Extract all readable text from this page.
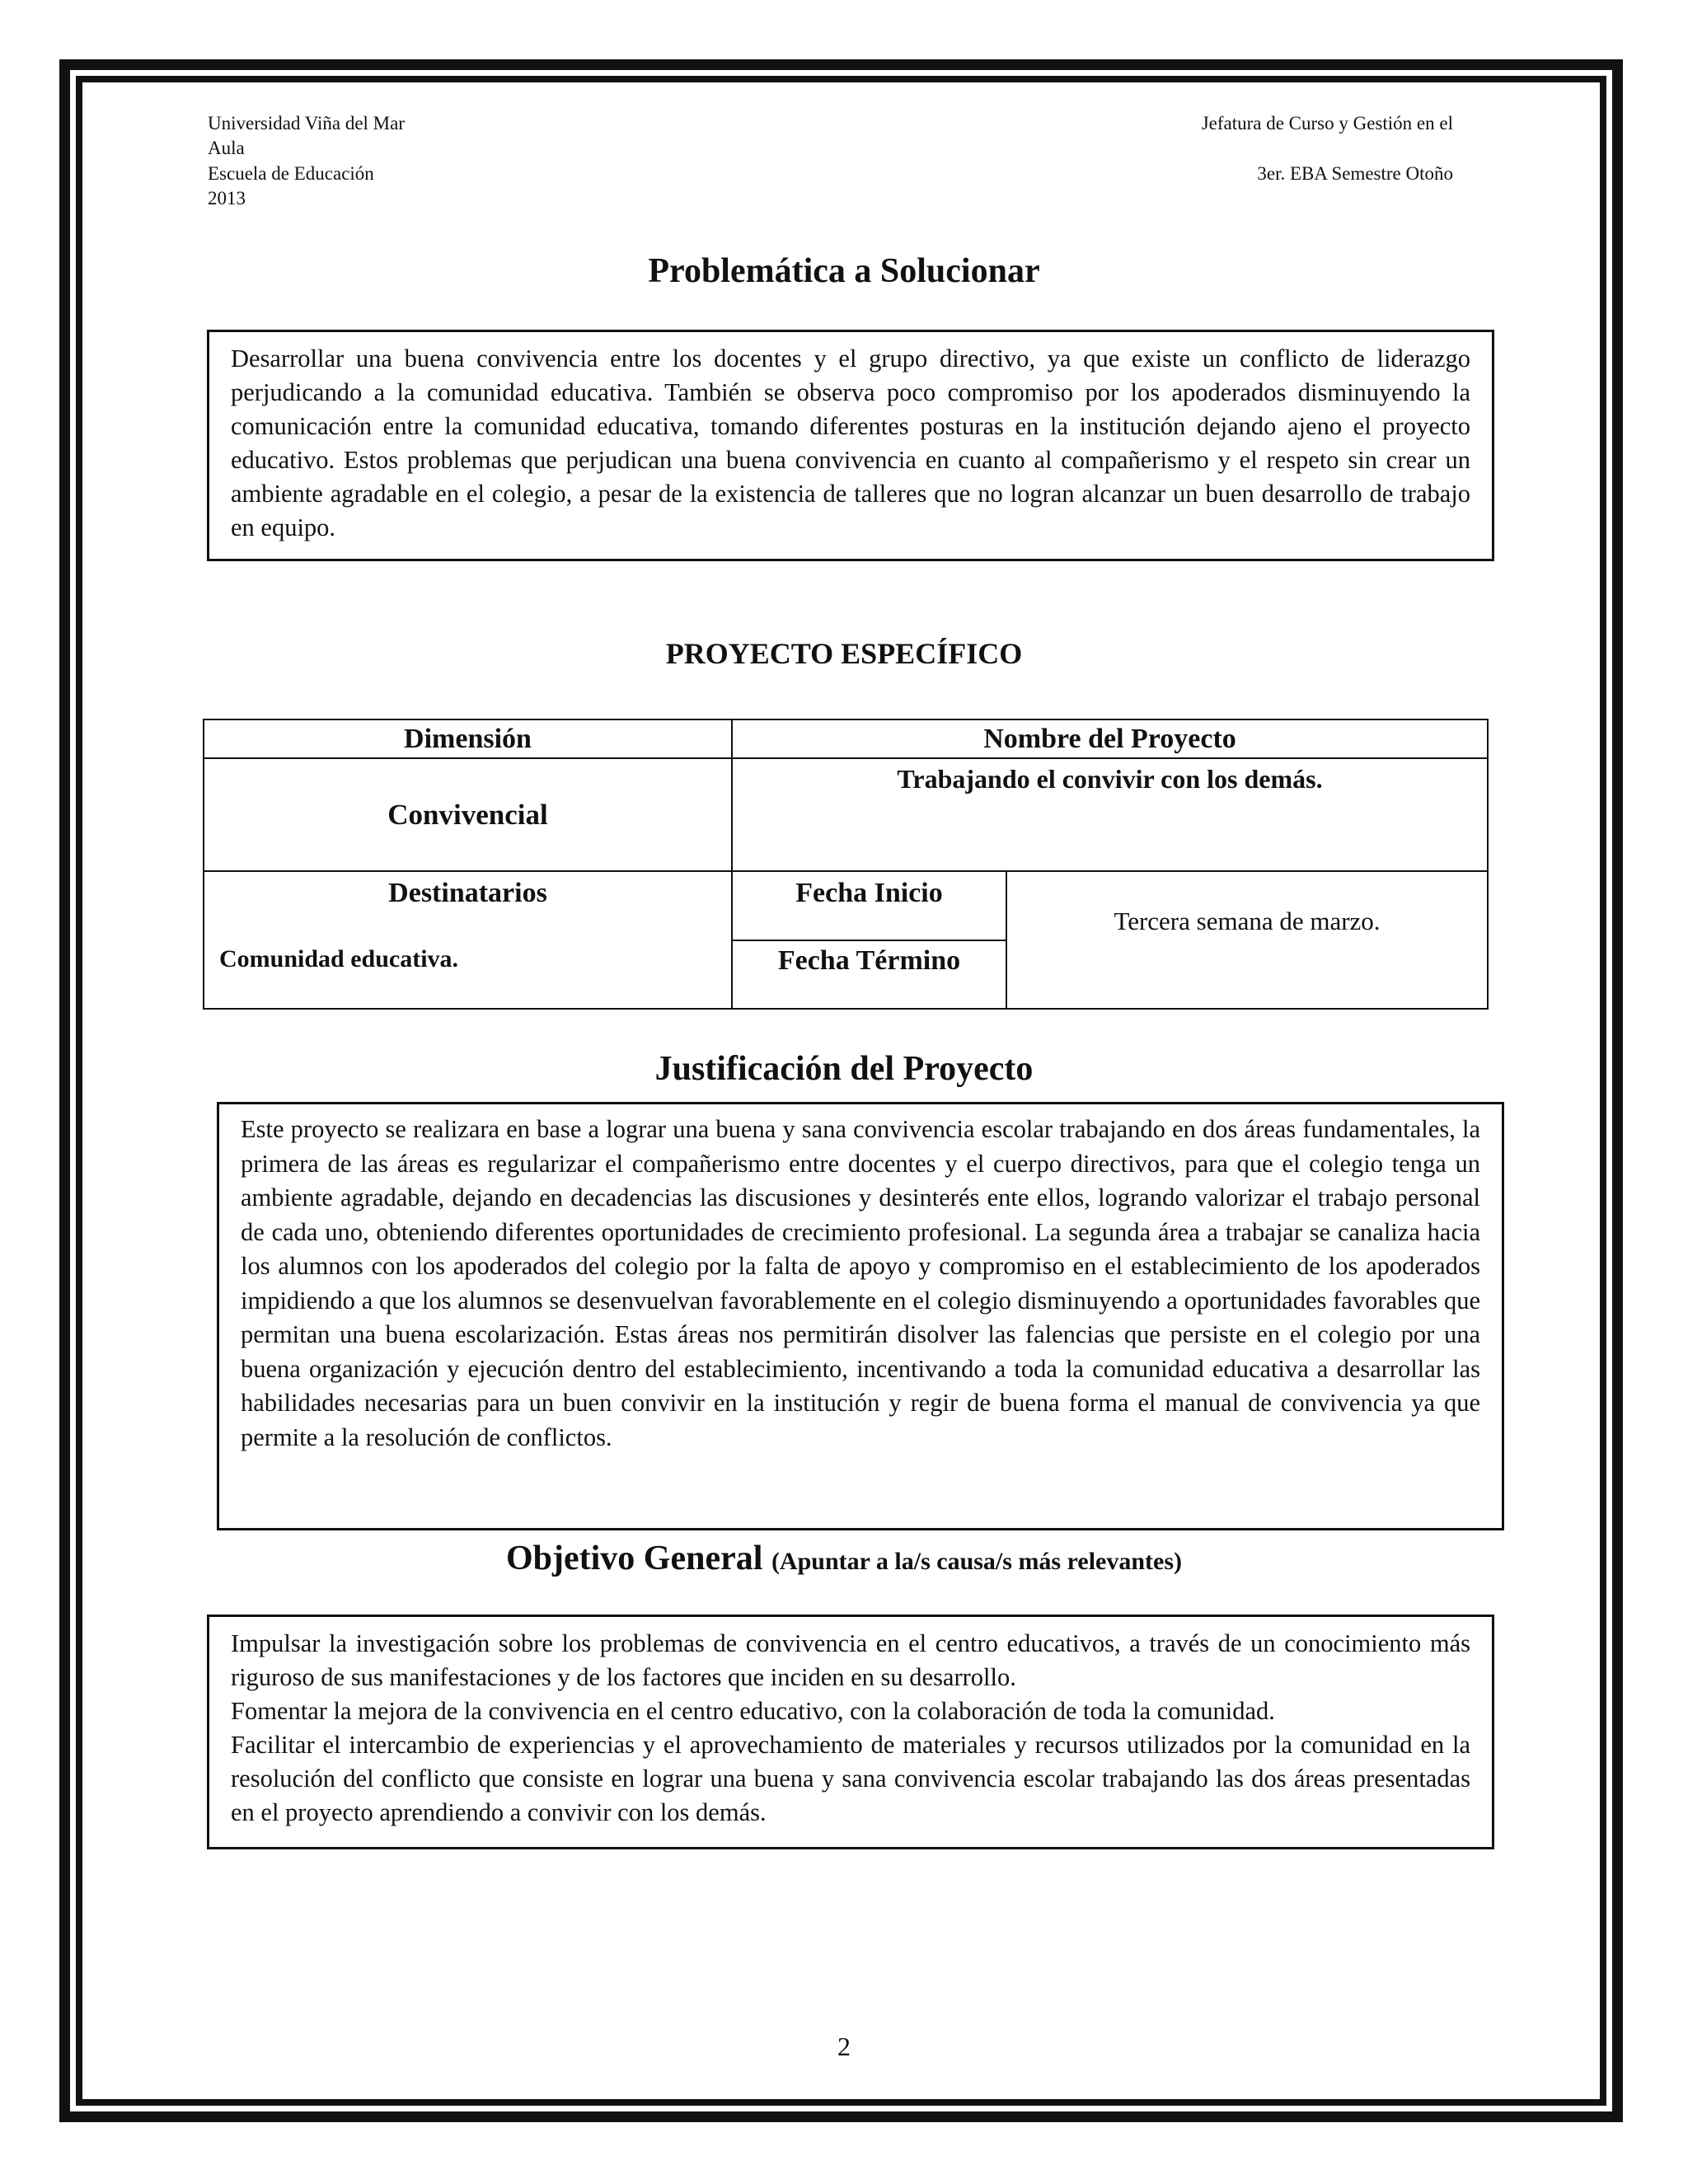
Universidad Viña del Mar	Jefatura de Curso y Gestión en el
Aula
Escuela de Educación	3er. EBA Semestre Otoño
2013
Problemática a Solucionar
Desarrollar una buena convivencia entre los docentes y el grupo directivo, ya que existe un conflicto de liderazgo perjudicando a la comunidad educativa. También se observa poco compromiso por los apoderados disminuyendo la comunicación entre la comunidad educativa, tomando diferentes posturas en la institución dejando ajeno el proyecto educativo. Estos problemas que perjudican una buena convivencia en cuanto al compañerismo y el respeto sin crear un ambiente agradable en el colegio, a pesar de la existencia de talleres que no logran alcanzar un buen desarrollo de trabajo en equipo.
PROYECTO ESPECÍFICO
Dimensión	Nombre del Proyecto	
Convivencial	Trabajando el convivir con los demás.	

Destinatarios
Comunidad educativa.	Fecha Inicio	Tercera semana de marzo.
	Fecha Término	
Justificación del Proyecto
Este proyecto se realizara en base a lograr una buena y sana convivencia escolar trabajando en dos áreas fundamentales, la primera de las áreas es regularizar el compañerismo entre docentes y el cuerpo directivos, para que el colegio tenga un ambiente agradable, dejando en decadencias las discusiones y desinterés ente ellos, logrando valorizar el trabajo personal de cada uno, obteniendo diferentes oportunidades de crecimiento profesional. La segunda área a trabajar se canaliza hacia los alumnos con los apoderados del colegio por la falta de apoyo y compromiso en el establecimiento de los apoderados impidiendo a que los alumnos se desenvuelvan favorablemente en el colegio disminuyendo a oportunidades favorables que permitan una buena escolarización. Estas áreas nos permitirán disolver las falencias que persiste en el colegio por una buena organización y ejecución dentro del establecimiento, incentivando a toda la comunidad educativa a desarrollar las habilidades necesarias para un buen convivir en la institución y regir de buena forma el manual de convivencia ya que permite a la resolución de conflictos.
Objetivo General (Apuntar a la/s causa/s más relevantes)
Impulsar la investigación sobre los problemas de convivencia en el centro educativos, a través de un conocimiento más riguroso de sus manifestaciones y de los factores que inciden en su desarrollo.
Fomentar la mejora de la convivencia en el centro educativo, con la colaboración de toda la comunidad.
Facilitar el intercambio de experiencias y el aprovechamiento de materiales y recursos utilizados por la comunidad en la resolución del conflicto que consiste en lograr una buena y sana convivencia escolar trabajando las dos áreas presentadas en el proyecto aprendiendo a convivir con los demás.
2
